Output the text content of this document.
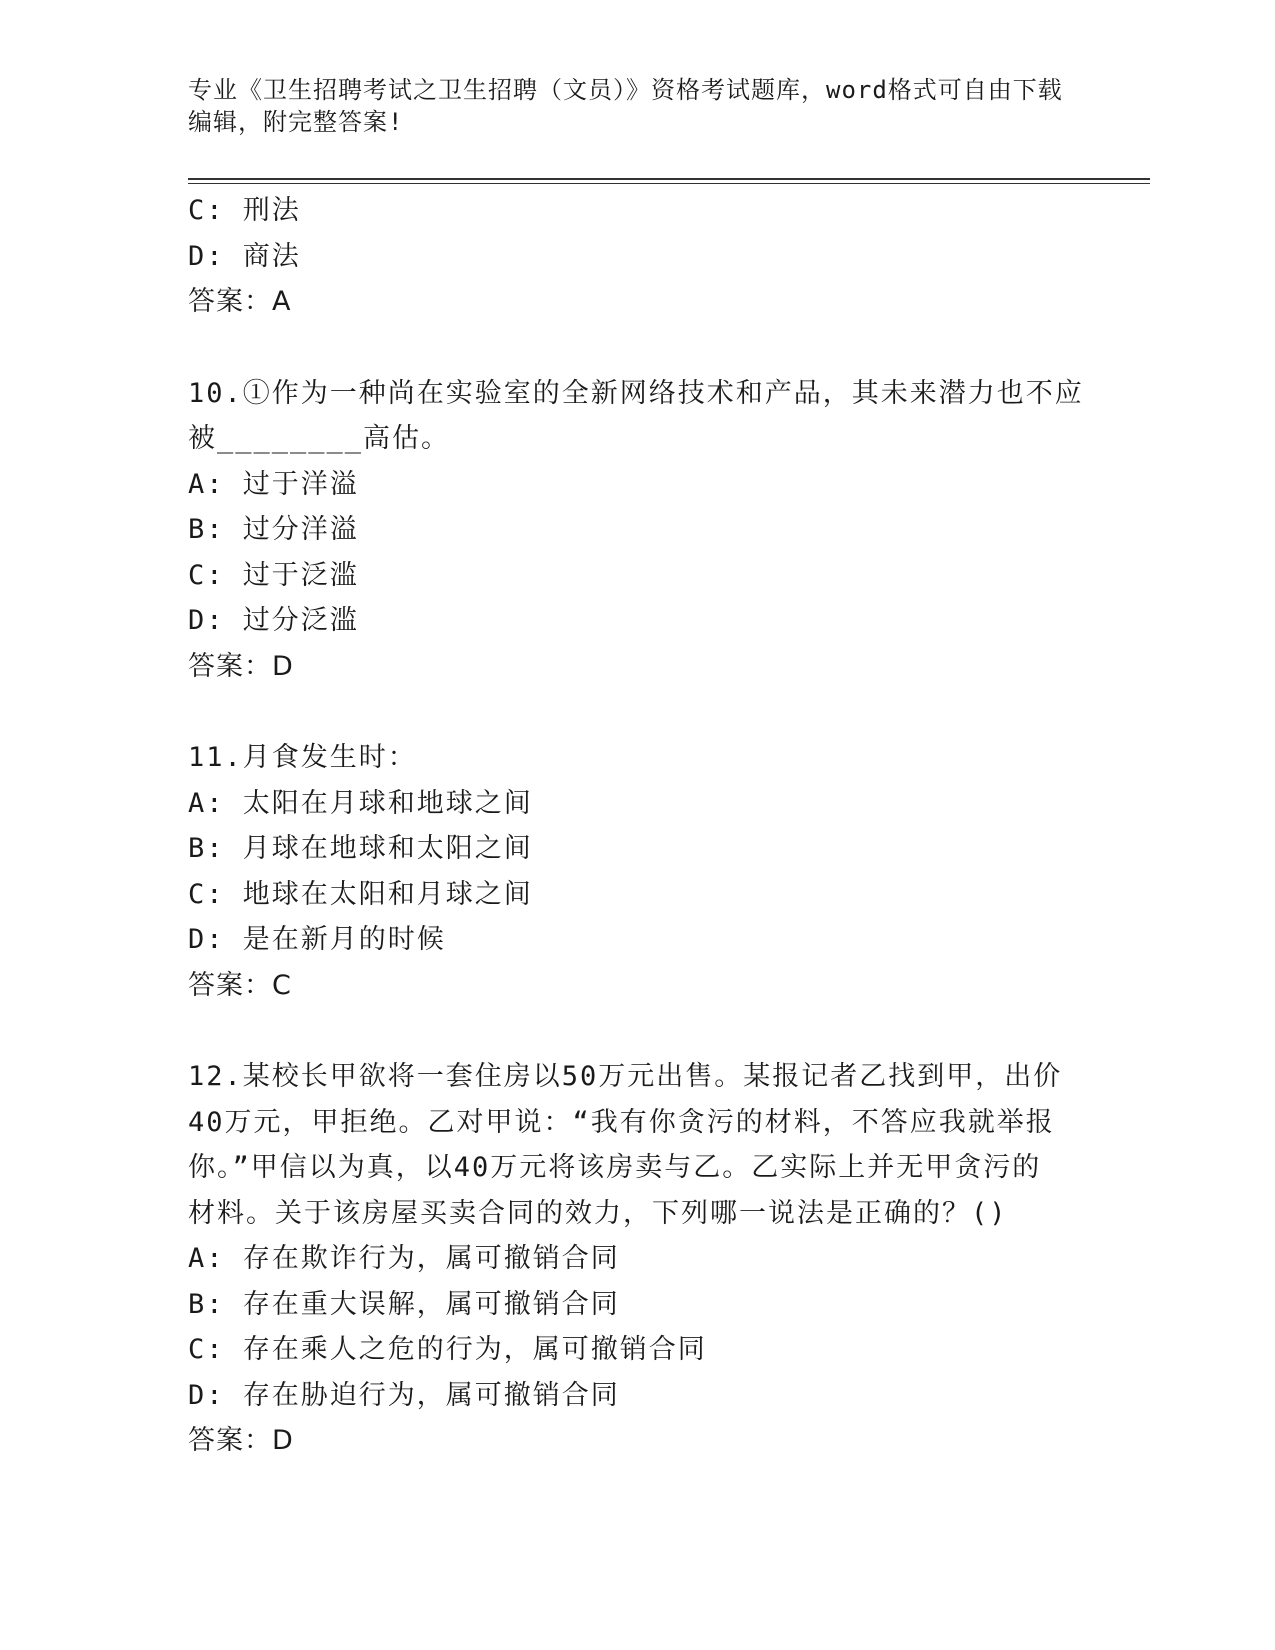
专业《卫生招聘考试之卫生招聘（文员）》资格考试题库，word格式可自由下载
编辑，附完整答案!
C: 刑法
D: 商法
答案：A
10.①作为一种尚在实验室的全新网络技术和产品，其未来潜力也不应
被________高估。
A: 过于洋溢
B: 过分洋溢
C: 过于泛滥
D: 过分泛滥
答案：D
11.月食发生时：
A: 太阳在月球和地球之间
B: 月球在地球和太阳之间
C: 地球在太阳和月球之间
D: 是在新月的时候
答案：C
12.某校长甲欲将一套住房以50万元出售。某报记者乙找到甲，出价
40万元，甲拒绝。乙对甲说：“我有你贪污的材料，不答应我就举报
你。”甲信以为真，以40万元将该房卖与乙。乙实际上并无甲贪污的
材料。关于该房屋买卖合同的效力，下列哪一说法是正确的？()
A: 存在欺诈行为，属可撤销合同
B: 存在重大误解，属可撤销合同
C: 存在乘人之危的行为，属可撤销合同
D: 存在胁迫行为，属可撤销合同
答案：D
